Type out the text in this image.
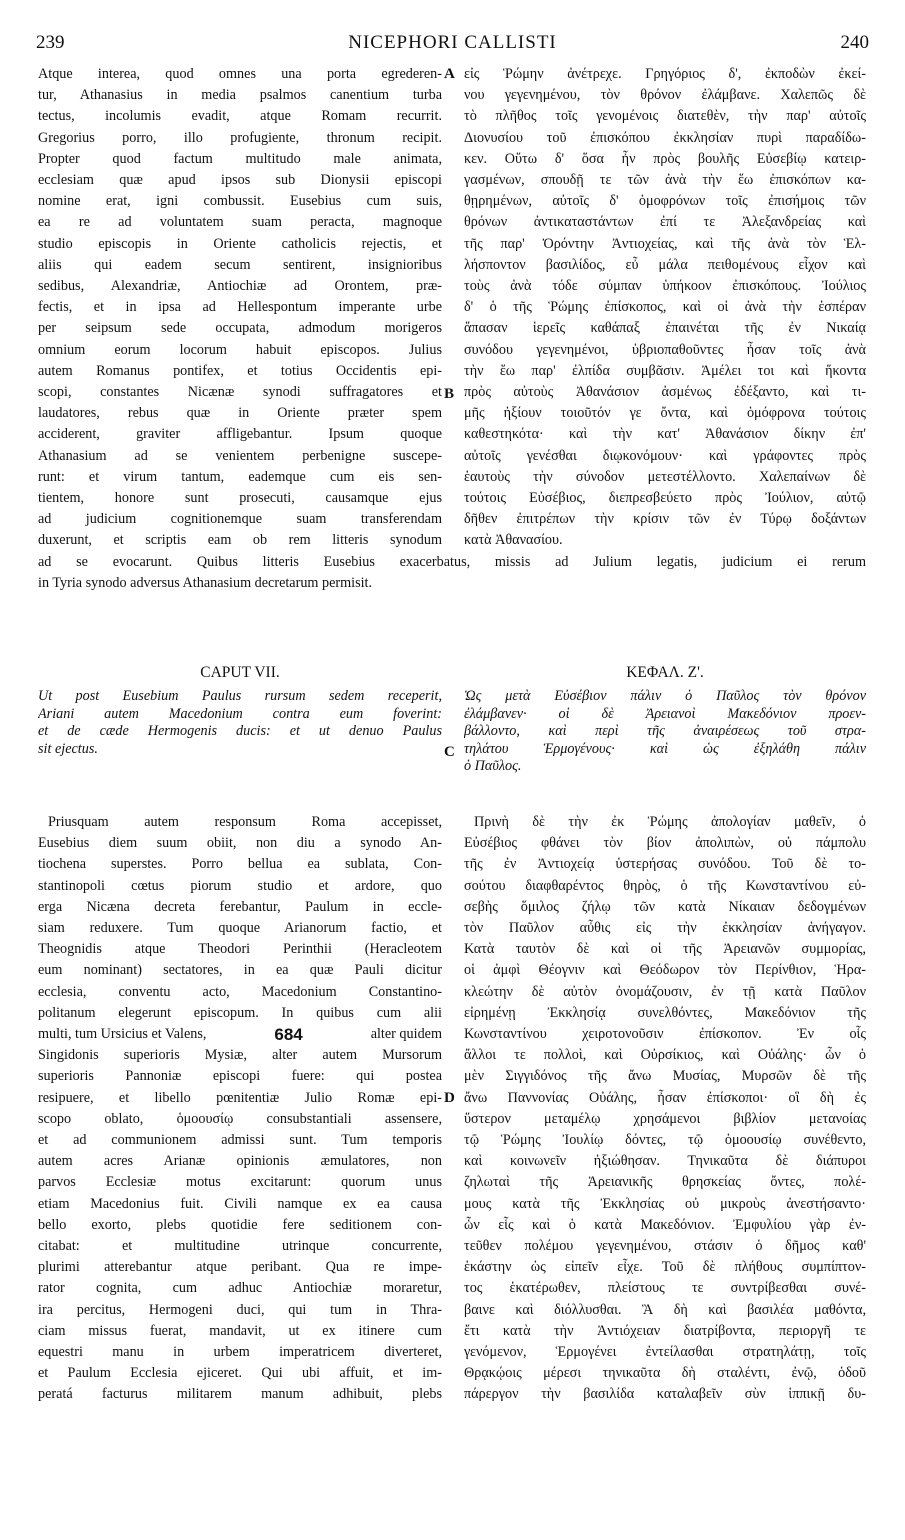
239	NICEPHORI CALLISTI	240
A
B
C
D
Atque interea, quod omnes una porta egrederen-
tur, Athanasius in media psalmos canentium turba
tectus, incolumis evadit, atque Romam recurrit.
Gregorius porro, illo profugiente, thronum recipit.
Propter quod factum multitudo male animata,
ecclesiam quæ apud ipsos sub Dionysii episcopi
nomine erat, igni combussit. Eusebius cum suis,
ea re ad voluntatem suam peracta, magnoque
studio episcopis in Oriente catholicis rejectis, et
aliis qui eadem secum sentirent, insignioribus
sedibus, Alexandriæ, Antiochiæ ad Orontem, præ-
fectis, et in ipsa ad Hellespontum imperante urbe
per seipsum sede occupata, admodum morigeros
omnium eorum locorum habuit episcopos. Julius
autem Romanus pontifex, et totius Occidentis epi-
scopi, constantes Nicænæ synodi suffragatores et
laudatores, rebus quæ in Oriente præter spem
acciderent, graviter affligebantur. Ipsum quoque
Athanasium ad se venientem perbenigne suscepe-
runt: et virum tantum, eademque cum eis sen-
tientem, honore sunt prosecuti, causamque ejus
ad judicium cognitionemque suam transferendam
duxerunt, et scriptis eam ob rem litteris synodum
εἰς Ῥώμην ἀνέτρεχε. Γρηγόριος δ', ἐκποδὼν ἐκεί-
νου γεγενημένου, τὸν θρόνον ἐλάμβανε. Χαλεπῶς δὲ
τὸ πλῆθος τοῖς γενομένοις διατεθὲν, τὴν παρ' αὐτοῖς
Διονυσίου τοῦ ἐπισκόπου ἐκκλησίαν πυρὶ παραδίδω-
κεν. Οὕτω δ' ὅσα ἦν πρὸς βουλῆς Εὐσεβίῳ κατειρ-
γασμένων, σπουδῇ τε τῶν ἀνὰ τὴν ἕω ἐπισκόπων κα-
θῃρημένων, αὐτοῖς δ' ὁμοφρόνων τοῖς ἐπισήμοις τῶν
θρόνων ἀντικαταστάντων ἐπί τε Ἀλεξανδρείας καὶ
τῆς παρ' Ὀρόντην Ἀντιοχείας, καὶ τῆς ἀνὰ τὸν Ἑλ-
λήσποντον βασιλίδος, εὖ μάλα πειθομένους εἶχον καὶ
τοὺς ἀνὰ τόδε σύμπαν ὑπήκοον ἐπισκόπους. Ἰούλιος
δ' ὁ τῆς Ῥώμης ἐπίσκοπος, καὶ οἱ ἀνὰ τὴν ἑσπέραν
ἅπασαν ἱερεῖς καθάπαξ ἐπαινέται τῆς ἐν Νικαίᾳ
συνόδου γεγενημένοι, ὑβριοπαθοῦντες ἦσαν τοῖς ἀνὰ
τὴν ἕω παρ' ἐλπίδα συμβᾶσιν. Ἀμέλει τοι καὶ ἥκοντα
πρὸς αὐτοὺς Ἀθανάσιον ἀσμένως ἐδέξαντο, καὶ τι-
μῆς ἠξίουν τοιοῦτόν γε ὄντα, καὶ ὁμόφρονα τούτοις
καθεστηκότα· καὶ τὴν κατ' Ἀθανάσιον δίκην ἐπ'
αὐτοῖς γενέσθαι διῳκονόμουν· καὶ γράφοντες πρὸς
ἑαυτοὺς τὴν σύνοδον μετεστέλλοντο. Χαλεπαίνων δὲ
τούτοις Εὐσέβιος, διεπρεσβεύετο πρὸς Ἰούλιον, αὐτῷ
δῆθεν ἐπιτρέπων τὴν κρίσιν τῶν ἐν Τύρῳ δοξάντων
κατὰ Ἀθανασίου.
ad se evocarunt. Quibus litteris Eusebius exacerbatus, missis ad Julium legatis, judicium ei rerum
in Tyria synodo adversus Athanasium decretarum permisit.
CAPUT VII.	ΚΕΦΑΛ. Ζ'.
Ut post Eusebium Paulus rursum sedem receperit,
Ariani autem Macedonium contra eum foverint:
et de cæde Hermogenis ducis: et ut denuo Paulus
sit ejectus.
Ὡς μετὰ Εὐσέβιον πάλιν ὁ Παῦλος τὸν θρόνον
ἐλάμβανεν· οἱ δὲ Ἀρειανοὶ Μακεδόνιον προεν-
βάλλοντο, καὶ περὶ τῆς ἀναιρέσεως τοῦ στρα-
τηλάτου Ἑρμογένους· καὶ ὡς ἐξηλάθη πάλιν
ὁ Παῦλος.
Priusquam autem responsum Roma accepisset,
Eusebius diem suum obiit, non diu a synodo An-
tiochena superstes. Porro bellua ea sublata, Con-
stantinopoli cœtus piorum studio et ardore, quo
erga Nicæna decreta ferebantur, Paulum in eccle-
siam reduxere. Tum quoque Arianorum factio, et
Theognidis atque Theodori Perinthii (Heracleotem
eum nominant) sectatores, in ea quæ Pauli dicitur
ecclesia, conventu acto, Macedonium Constantino-
politanum elegerunt episcopum. In quibus cum alii
multi, tum Ursicius et Valens,	684	alter quidem
Singidonis superioris Mysiæ, alter autem Mursorum
superioris Pannoniæ episcopi fuere: qui postea
resipuere, et libello pœnitentiæ Julio Romæ epi-
scopo oblato, ὁμοουσίῳ consubstantiali assensere,
et ad communionem admissi sunt. Tum temporis
autem acres Arianæ opinionis æmulatores, non
parvos Ecclesiæ motus excitarunt: quorum unus
etiam Macedonius fuit. Civili namque ex ea causa
bello exorto, plebs quotidie fere seditionem con-
citabat: et multitudine utrinque concurrente,
plurimi atterebantur atque peribant. Qua re impe-
rator cognita, cum adhuc Antiochiæ moraretur,
ira percitus, Hermogeni duci, qui tum in Thra-
ciam missus fuerat, mandavit, ut ex itinere cum
equestri manu in urbem imperatricem diverteret,
et Paulum Ecclesia ejiceret. Qui ubi affuit, et im-
peratá facturus militarem manum adhibuit, plebs
Πρινὴ δὲ τὴν ἐκ Ῥώμης ἀπολογίαν μαθεῖν, ὁ
Εὐσέβιος φθάνει τὸν βίον ἀπολιπὼν, οὐ πάμπολυ
τῆς ἐν Ἀντιοχείᾳ ὑστερήσας συνόδου. Τοῦ δὲ το-
σούτου διαφθαρέντος θηρὸς, ὁ τῆς Κωνσταντίνου εὐ-
σεβὴς ὅμιλος ζήλῳ τῶν κατὰ Νίκαιαν δεδογμένων
τὸν Παῦλον αὖθις εἰς τὴν ἐκκλησίαν ἀνήγαγον.
Κατὰ ταυτὸν δὲ καὶ οἱ τῆς Ἀρειανῶν συμμορίας,
οἱ ἀμφὶ Θέογνιν καὶ Θεόδωρον τὸν Περίνθιον, Ἡρα-
κλεώτην δὲ αὐτὸν ὀνομάζουσιν, ἐν τῇ κατὰ Παῦλον
εἰρημένῃ Ἐκκλησίᾳ συνελθόντες, Μακεδόνιον τῆς
Κωνσταντίνου χειροτονοῦσιν ἐπίσκοπον. Ἐν οἷς
ἄλλοι τε πολλοὶ, καὶ Οὐρσίκιος, καὶ Οὐάλης· ὧν ὁ
μὲν Σιγγιδόνος τῆς ἄνω Μυσίας, Μυρσῶν δὲ τῆς
ἄνω Παννονίας Οὐάλης, ἦσαν ἐπίσκοποι· οἳ δὴ ἐς
ὕστερον μεταμέλῳ χρησάμενοι βιβλίον μετανοίας
τῷ Ῥώμης Ἰουλίῳ δόντες, τῷ ὁμοουσίῳ συνέθεντο,
καὶ κοινωνεῖν ἠξιώθησαν. Τηνικαῦτα δὲ διάπυροι
ζηλωταὶ τῆς Ἀρειανικῆς θρησκείας ὄντες, πολέ-
μους κατὰ τῆς Ἐκκλησίας οὐ μικροὺς ἀνεστήσαντο·
ὧν εἷς καὶ ὁ κατὰ Μακεδόνιον. Ἐμφυλίου γὰρ ἐν-
τεῦθεν πολέμου γεγενημένου, στάσιν ὁ δῆμος καθ'
ἑκάστην ὡς εἰπεῖν εἶχε. Τοῦ δὲ πλήθους συμπίπτον-
τος ἑκατέρωθεν, πλείστους τε συντρίβεσθαι συνέ-
βαινε καὶ διόλλυσθαι. Ἃ δὴ καὶ βασιλέα μαθόντα,
ἔτι κατὰ τὴν Ἀντιόχειαν διατρίβοντα, περιοργῆ τε
γενόμενον, Ἑρμογένει ἐντείλασθαι στρατηλάτῃ, τοῖς
Θρᾳκῴοις μέρεσι τηνικαῦτα δὴ σταλέντι, ἐνῷ, ὁδοῦ
πάρεργον τὴν βασιλίδα καταλαβεῖν σὺν ἱππικῇ δυ-
